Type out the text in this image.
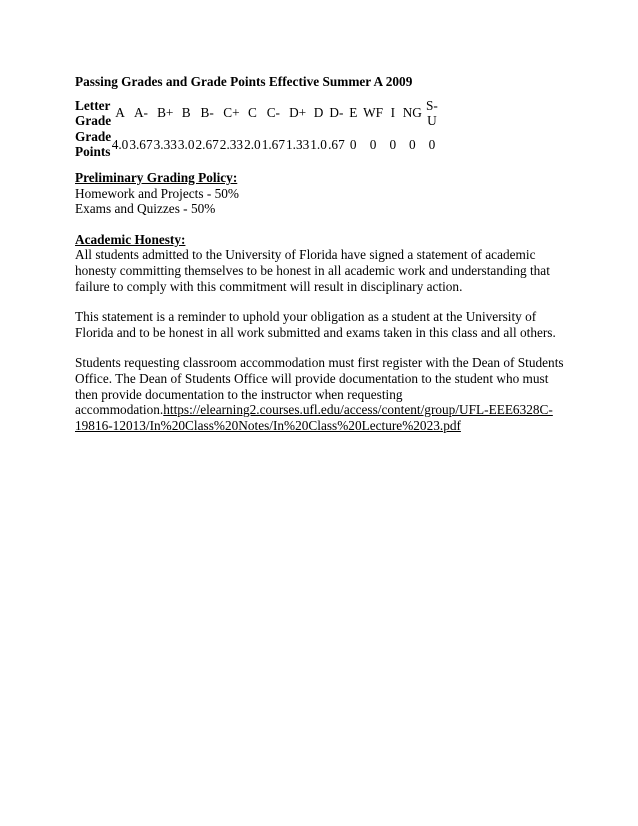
Passing Grades and Grade Points Effective Summer A 2009

Letter
Grade	A	A-	B+	B	B-	C+	C	C-	D+	D	D-	E	WF	I	NG	S-U
Grade
Points	4.0	3.67	3.33	3.0	2.67	2.33	2.0	1.67	1.33	1.0	.67	0	0	0	0	0

Preliminary Grading Policy:

Homework and Projects - 50%

Exams and Quizzes - 50%

Academic Honesty:

All students admitted to the University of Florida have signed a statement of academic honesty committing themselves to be honest in all academic work and understanding that failure to comply with this commitment will result in disciplinary action.

This statement is a reminder to uphold your obligation as a student at the University of Florida and to be honest in all work submitted and exams taken in this class and all others.

Students requesting classroom accommodation must first register with the Dean of Students Office. The Dean of Students Office will provide documentation to the student who must then provide documentation to the instructor when requesting accommodation.https://elearning2.courses.ufl.edu/access/content/group/UFL-EEE6328C-19816-12013/In%20Class%20Notes/In%20Class%20Lecture%2023.pdf
